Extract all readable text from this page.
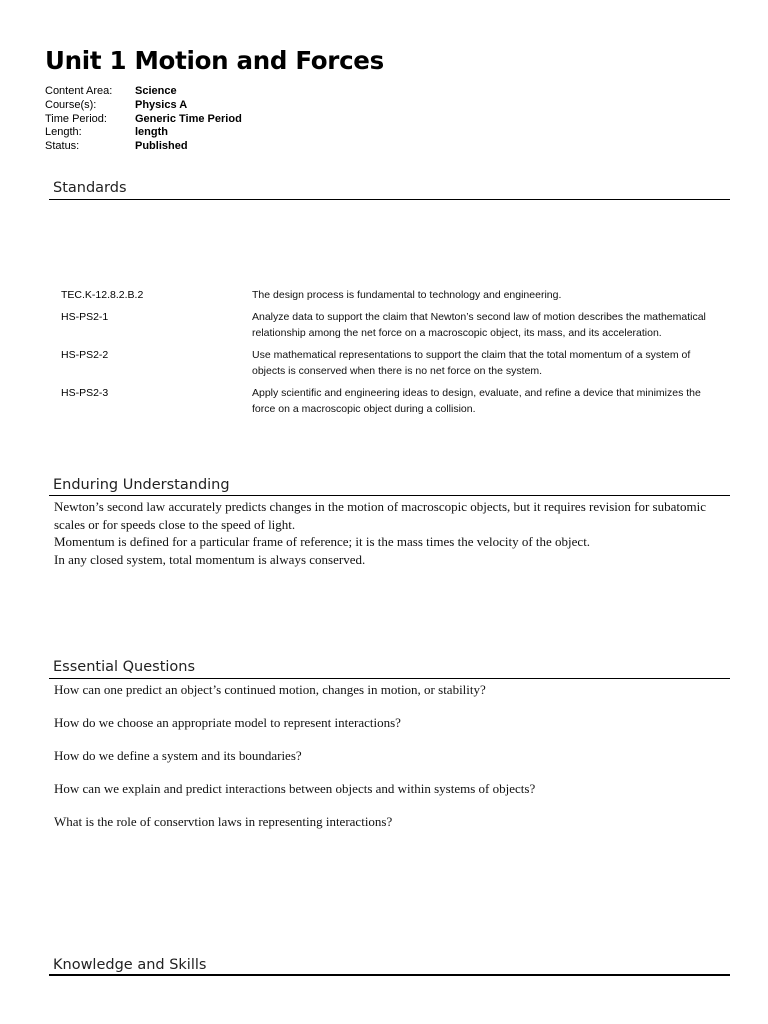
Unit 1 Motion and Forces
Content Area:	Science
Course(s):	Physics A
Time Period:	Generic Time Period
Length:	length
Status:	Published
Standards
TEC.K-12.8.2.B.2	The design process is fundamental to technology and engineering.
HS-PS2-1	Analyze data to support the claim that Newton’s second law of motion describes the mathematical relationship among the net force on a macroscopic object, its mass, and its acceleration.
HS-PS2-2	Use mathematical representations to support the claim that the total momentum of a system of objects is conserved when there is no net force on the system.
HS-PS2-3	Apply scientific and engineering ideas to design, evaluate, and refine a device that minimizes the force on a macroscopic object during a collision.
Enduring Understanding
Newton’s second law accurately predicts changes in the motion of macroscopic objects, but it requires revision for subatomic scales or for speeds close to the speed of light.
Momentum is defined for a particular frame of reference; it is the mass times the velocity of the object.
In any closed system, total momentum is always conserved.
Essential Questions
How can one predict an object’s continued motion, changes in motion, or stability?
How do we choose an appropriate model to represent interactions?
How do we define a system and its boundaries?
How can we explain and predict interactions between objects and within systems of objects?
What is the role of conservtion laws in representing interactions?
Knowledge and Skills
